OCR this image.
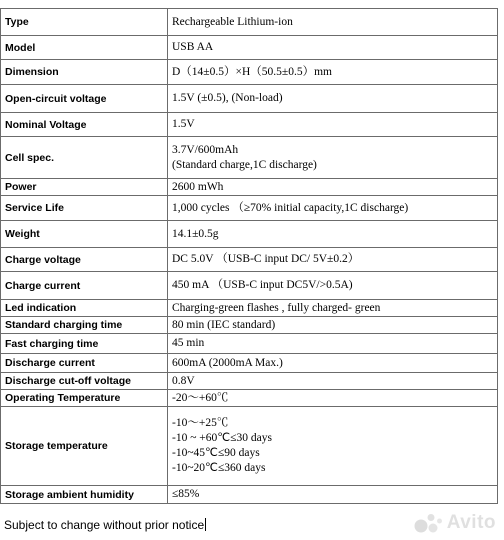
Type	Rechargeable Lithium-ion

Model	USB AA

Dimension	D（14±0.5）×H（50.5±0.5）mm

Open-circuit voltage	1.5V (±0.5), (Non-load)

Nominal Voltage	1.5V

Cell spec.	3.7V/600mAh
(Standard charge,1C discharge)

Power	2600 mWh

Service Life	1,000 cycles （≥70% initial capacity,1C discharge)

Weight	14.1±0.5g

Charge voltage	DC 5.0V （USB-C input DC/ 5V±0.2）

Charge current	450 mA （USB-C input DC5V/>0.5A)

Led indication	Charging-green flashes , fully charged- green

Standard charging time	80 min (IEC standard)

Fast charging time	45 min

Discharge current	600mA (2000mA Max.)

Discharge cut-off voltage	0.8V

Operating Temperature	-20～+60℃

Storage temperature	-10～+25℃
-10 ~ +60℃≤30 days
-10~45℃≤90 days
-10~20℃≤360 days

Storage ambient humidity	≤85%
Subject to change without prior notice	Avito
